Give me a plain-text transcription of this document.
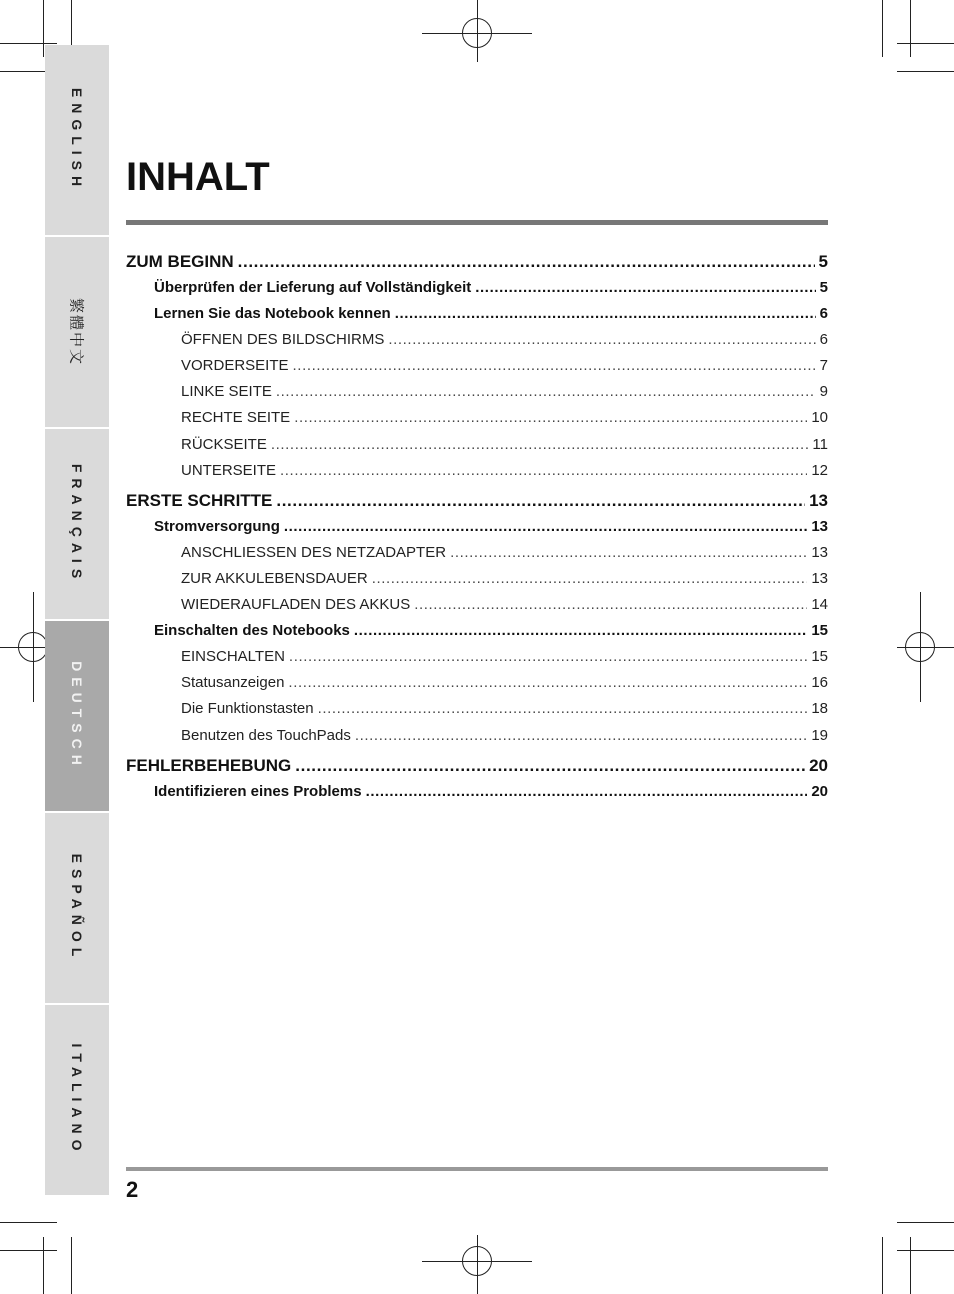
ENGLISH
繁體中文
FRANÇAIS
DEUTSCH
ESPAÑOL
ITALIANO
INHALT
ZUM BEGINN .....	5
Überprüfen der Lieferung auf Vollständigkeit .....	5
Lernen Sie das Notebook kennen .....	6
ÖFFNEN DES BILDSCHIRMS .....	6
VORDERSEITE .....	7
LINKE SEITE .....	9
RECHTE SEITE .....	10
RÜCKSEITE .....	11
UNTERSEITE .....	12
ERSTE SCHRITTE .....	13
Stromversorgung .....	13
ANSCHLIESSEN DES NETZADAPTER .....	13
ZUR AKKULEBENSDAUER .....	13
WIEDERAUFLADEN DES AKKUS .....	14
Einschalten des Notebooks .....	15
EINSCHALTEN .....	15
Statusanzeigen .....	16
Die Funktionstasten .....	18
Benutzen des TouchPads .....	19
FEHLERBEHEBUNG .....	20
Identifizieren eines Problems .....	20
2
